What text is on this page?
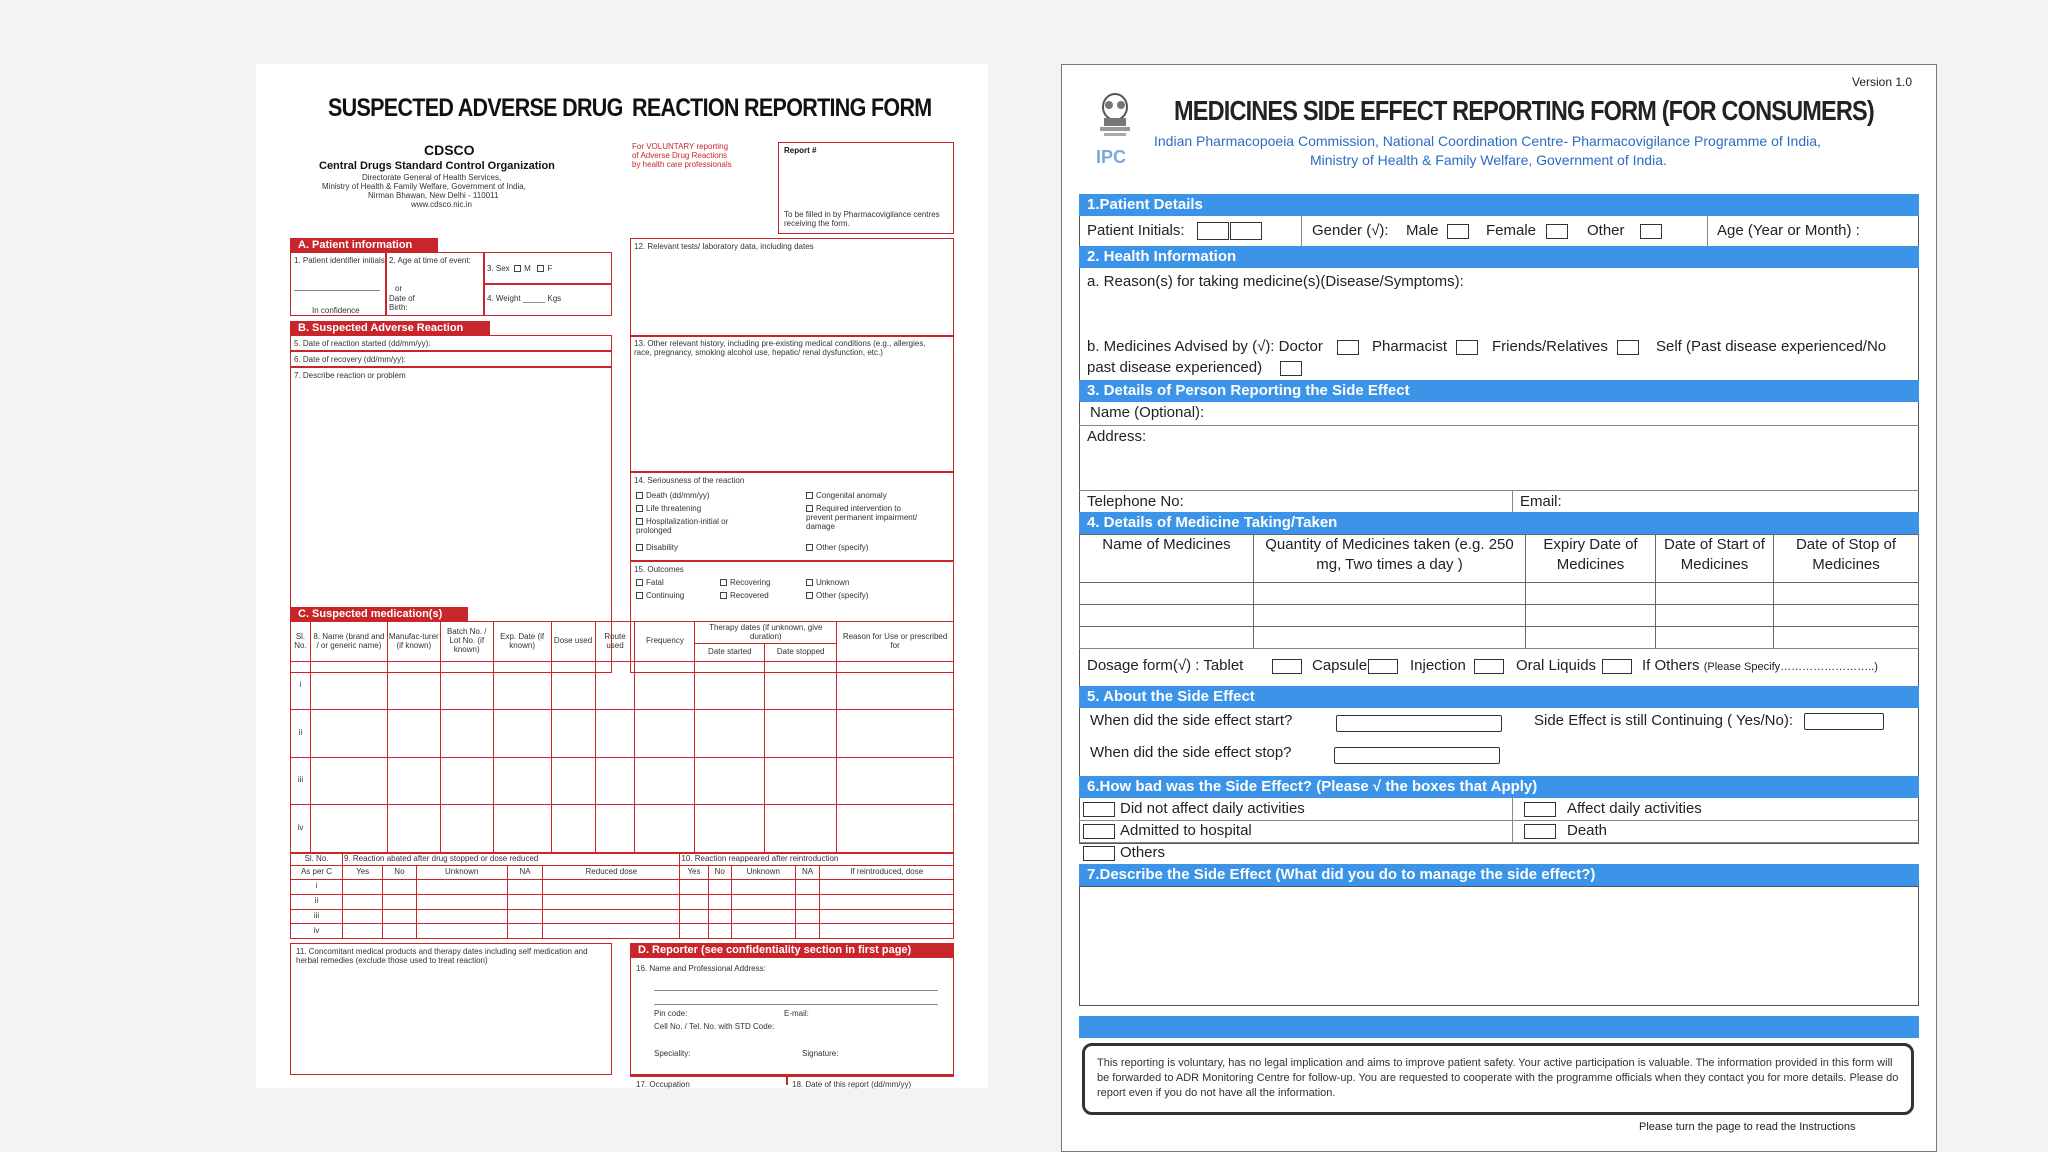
SUSPECTED ADVERSE DRUG REACTION REPORTING FORM
CDSCO
Central Drugs Standard Control Organization
Directorate General of Health Services,
Ministry of Health & Family Welfare, Government of India,
Nirman Bhawan, New Delhi - 110011
www.cdsco.nic.in
For VOLUNTARY reporting of Adverse Drug Reactions by health care professionals
Report #
To be filled in by Pharmacovigilance centres receiving the form.
A. Patient information
1. Patient identifier initials
In confidence
2. Age at time of event:
or
Date of Birth:
3. Sex M F
4. Weight _____ Kgs
B. Suspected Adverse Reaction
5. Date of reaction started (dd/mm/yy):
6. Date of recovery (dd/mm/yy):
7. Describe reaction or problem
12. Relevant tests/ laboratory data, including dates
13. Other relevant history, including pre-existing medical conditions (e.g., allergies, race, pregnancy, smoking alcohol use, hepatic/ renal dysfunction, etc.)
14. Seriousness of the reaction
Death (dd/mm/yy)
Life threatening
Hospitalization-initial or prolonged
Disability
Congenital anomaly
Required intervention to prevent permanent impairment/ damage
Other (specify)
15. Outcomes
Fatal	Recovering	Unknown
Continuing	Recovered	Other (specify)
C. Suspected medication(s)
Sl. No.	8. Name (brand and / or generic name)	Manufac-turer (if known)	Batch No. / Lot No. (if known)	Exp. Date (if known)	Dose used	Route used	Frequency	Therapy dates (if unknown, give duration)		Reason for Use or prescribed for
								Date started	Date stopped	
i										
ii										
iii										
iv										
Sl. No.	9. Reaction abated after drug stopped or dose reduced					10. Reaction reappeared after reintroduction				
As per C	Yes	No	Unknown	NA	Reduced dose	Yes	No	Unknown	NA	If reintroduced, dose
i										
ii										
iii										
iv										
11. Concomitant medical products and therapy dates including self medication and herbal remedies (exclude those used to treat reaction)
D. Reporter (see confidentiality section in first page)
16. Name and Professional Address:
Pin code:	E-mail:
Cell No. / Tel. No. with STD Code:
Speciality:	Signature:
17. Occupation	18. Date of this report (dd/mm/yy)
Version 1.0
IPC
MEDICINES SIDE EFFECT REPORTING FORM (FOR CONSUMERS)
Indian Pharmacopoeia Commission, National Coordination Centre- Pharmacovigilance Programme of India,
Ministry of Health & Family Welfare, Government of India.
1.Patient Details
Patient Initials:	Gender (√): Male	Female	Other	Age (Year or Month) :
2. Health Information
a. Reason(s) for taking medicine(s)(Disease/Symptoms):
b. Medicines Advised by (√): Doctor	Pharmacist	Friends/Relatives	Self (Past disease experienced/No
past disease experienced)
3. Details of Person Reporting the Side Effect
Name (Optional):
Address:
Telephone No:	Email:
4. Details of Medicine Taking/Taken
Name of Medicines	Quantity of Medicines taken (e.g. 250 mg, Two times a day )	Expiry Date of Medicines	Date of Start of Medicines	Date of Stop of Medicines

Dosage form(√) : Tablet	Capsule	Injection	Oral Liquids	If Others (Please Specify……………………..)
5. About the Side Effect
When did the side effect start?	Side Effect is still Continuing ( Yes/No):
When did the side effect stop?
6.How bad was the Side Effect? (Please √ the boxes that Apply)
Did not affect daily activities	Affect daily activities
Admitted to hospital	Death
Others
7.Describe the Side Effect (What did you do to manage the side effect?)
This reporting is voluntary, has no legal implication and aims to improve patient safety. Your active participation is valuable. The information provided in this form will be forwarded to ADR Monitoring Centre for follow-up. You are requested to cooperate with the programme officials when they contact you for more details. Please do report even if you do not have all the information.
Please turn the page to read the Instructions
